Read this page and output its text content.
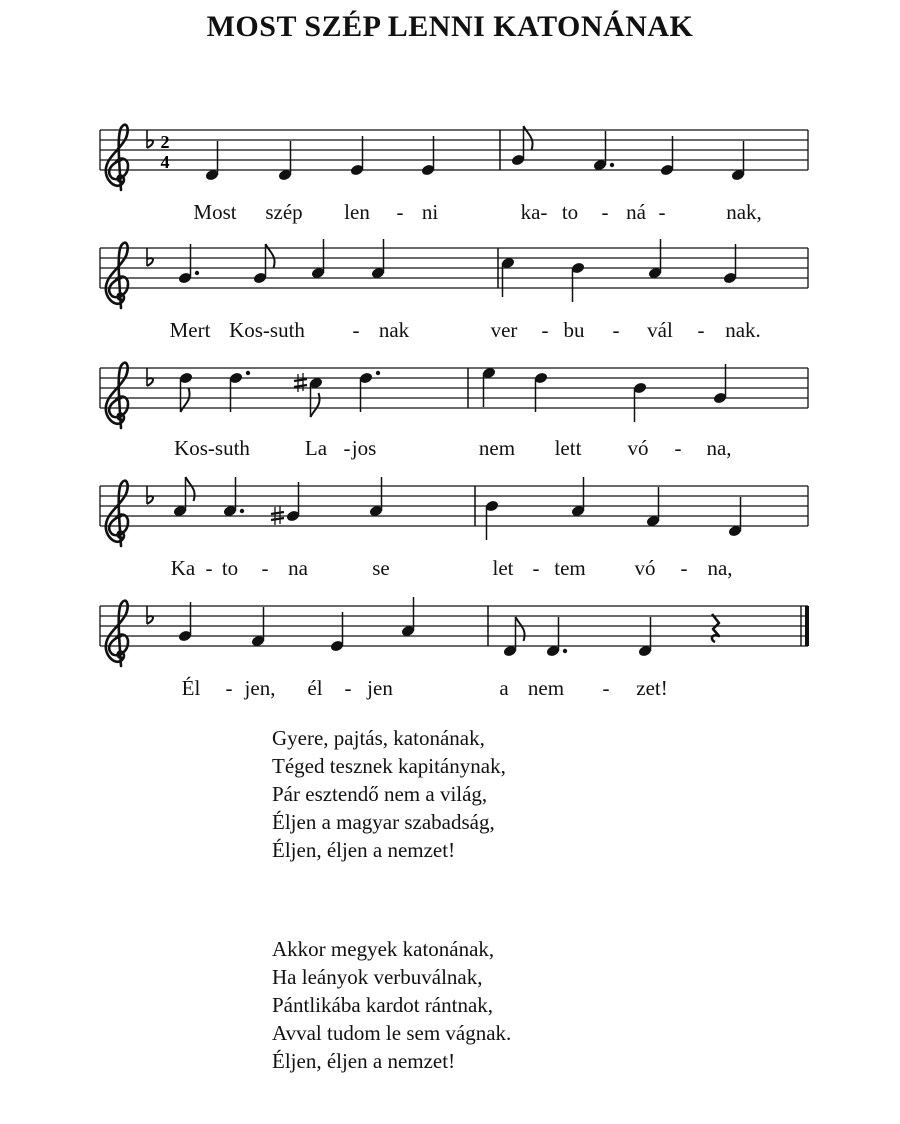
MOST SZÉP LENNI KATONÁNAK
2
4
Gyere, pajtás, katonának,
Téged tesznek kapitánynak,
Pár esztendő nem a világ,
Éljen a magyar szabadság,
Éljen, éljen a nemzet!
Akkor megyek katonának,
Ha leányok verbuválnak,
Pántlikába kardot rántnak,
Avval tudom le sem vágnak.
Éljen, éljen a nemzet!
Most szép len - ni	ka- to - ná -	nak,
Mert Kos-suth - nak	ver - bu - vál - nak.
Kos-suth	La - jos	nem lett vó - na,
Ka - to - na	se	let - tem vó - na,
Él - jen, él - jen	a nem - zet!
